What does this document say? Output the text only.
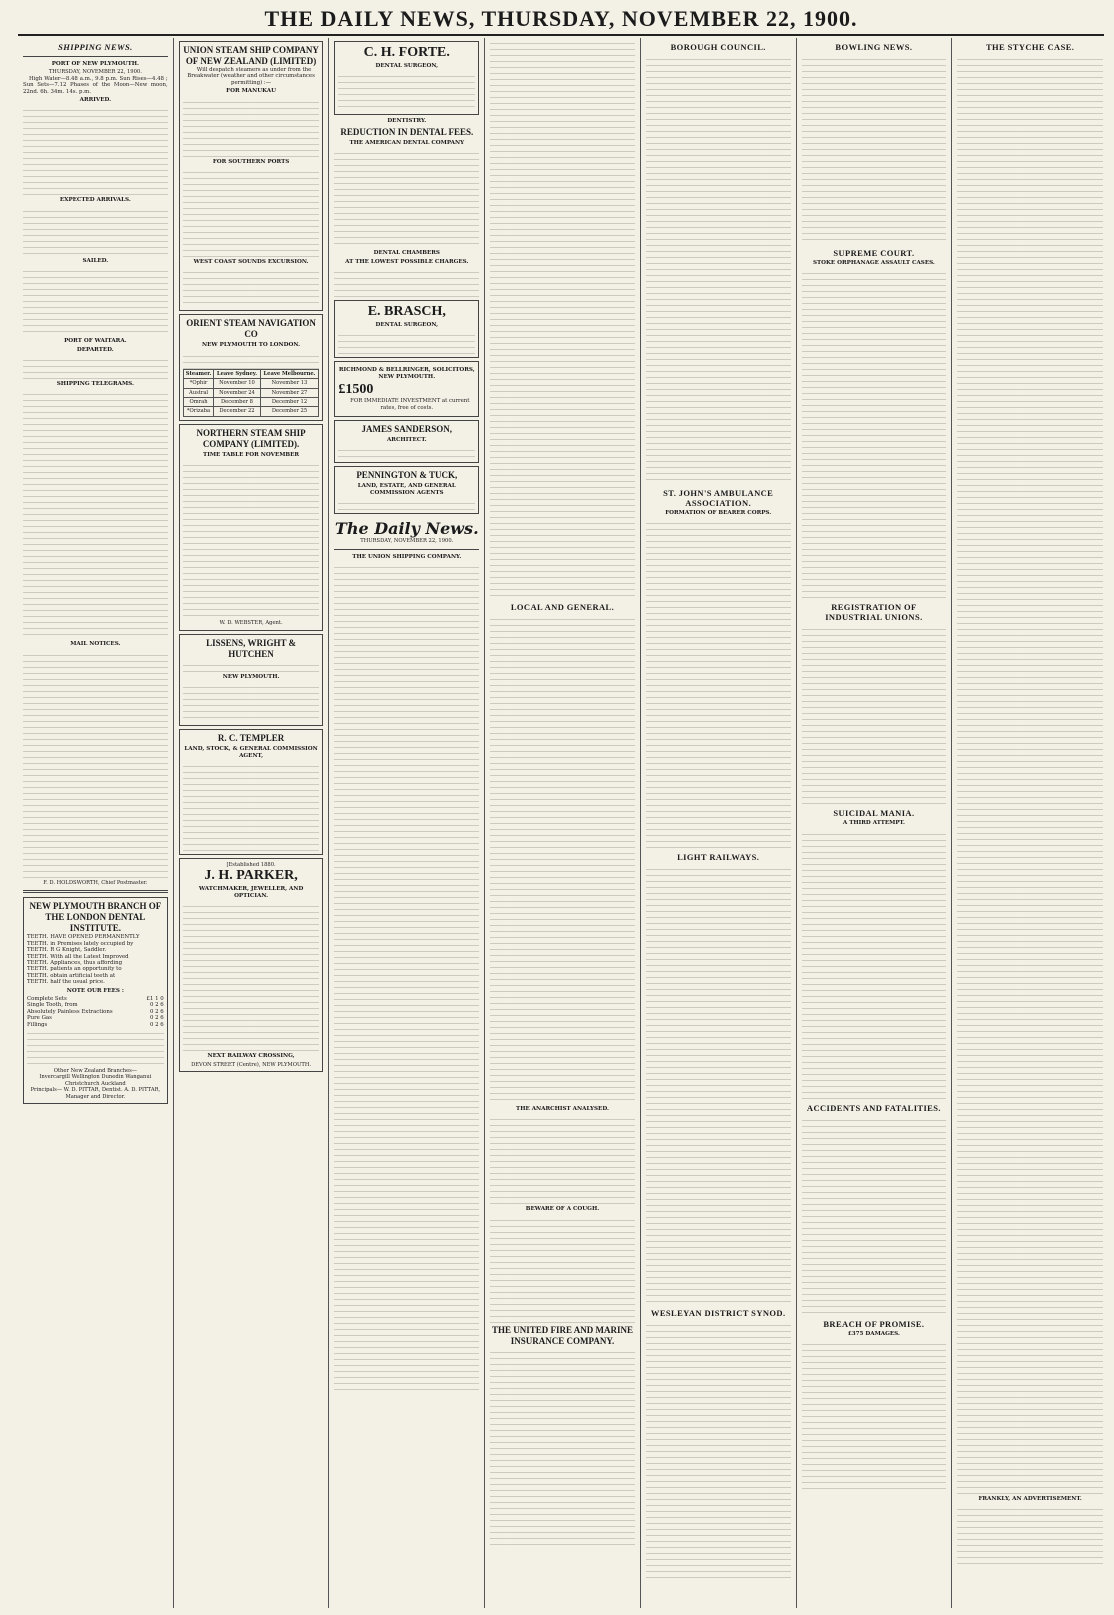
THE DAILY NEWS, THURSDAY, NOVEMBER 22, 1900.
SHIPPING NEWS.
PORT OF NEW PLYMOUTH.
THURSDAY, NOVEMBER 22, 1900.

High Water—8.48 a.m., 9.8 p.m. Sun Rises—4.48 ; Sun Sets—7.12 Phases of the Moon—New moon, 22nd. 6h. 34m. 14s. p.m.

ARRIVED.
EXPECTED ARRIVALS.
SAILED.
PORT OF WAITARA.
DEPARTED.
SHIPPING TELEGRAMS.
MAIL NOTICES.
F. D. HOLDSWORTH, Chief Postmaster.
NEW PLYMOUTH BRANCH OF THE LONDON DENTAL INSTITUTE.
TEETH. HAVE OPENED PERMANENTLY
TEETH. in Premises lately occupied by
TEETH. R G Knight, Saddler.
TEETH. With all the Latest Improved
TEETH. Appliances, thus affording
TEETH. patients an opportunity to
TEETH. obtain artificial teeth at
TEETH. half the usual price.
NOTE OUR FEES :
Complete Sets	£1 1 0
Single Tooth, from	0 2 6
Absolutely Painless Extractions	0 2 6
Pure Gas	0 2 6
Fillings	0 2 6
Other New Zealand Branches—
Invercargill Wellington Dunedin Wanganui Christchurch Auckland
Principals— W. D. PITTAR, Dentist. A. D. PITTAR, Manager and Director.
UNION STEAM SHIP COMPANY OF NEW ZEALAND (LIMITED)

Will despatch steamers as under from the Breakwater (weather and other circumstances permitting) :—

FOR MANUKAU
FOR SOUTHERN PORTS
WEST COAST SOUNDS EXCURSION.
ORIENT STEAM NAVIGATION CO
NEW PLYMOUTH TO LONDON.
Steamer.	Leave Sydney.	Leave Melbourne.
*Ophir	November 10	November 13
Austral	November 24	November 27
Omrah	December 8	December 12
*Orizaba	December 22	December 25
NORTHERN STEAM SHIP COMPANY (LIMITED).
TIME TABLE FOR NOVEMBER
W. D. WEBSTER, Agent.
LISSENS, WRIGHT & HUTCHEN
NEW PLYMOUTH.
R. C. TEMPLER
LAND, STOCK, & GENERAL COMMISSION AGENT,
[Established 1880.
J. H. PARKER,
WATCHMAKER, JEWELLER, AND OPTICIAN.
NEXT RAILWAY CROSSING,
DEVON STREET (Centre), NEW PLYMOUTH.
C. H. FORTE.
DENTAL SURGEON,
DENTISTRY.
REDUCTION IN DENTAL FEES.
THE AMERICAN DENTAL COMPANY
DENTAL CHAMBERS
AT THE LOWEST POSSIBLE CHARGES.
E. BRASCH,
DENTAL SURGEON,
RICHMOND & BELLRINGER, SOLICITORS, NEW PLYMOUTH.
£1500

FOR IMMEDIATE INVESTMENT at current rates, free of costs.

JAMES SANDERSON,
ARCHITECT.
PENNINGTON & TUCK,
LAND, ESTATE, AND GENERAL COMMISSION AGENTS
The Daily News.
THURSDAY, NOVEMBER 22, 1900.
THE UNION SHIPPING COMPANY.
LOCAL AND GENERAL.
THE ANARCHIST ANALYSED.
BEWARE OF A COUGH.
THE UNITED FIRE AND MARINE INSURANCE COMPANY.
BOROUGH COUNCIL.
ST. JOHN'S AMBULANCE ASSOCIATION.
FORMATION OF BEARER CORPS.
LIGHT RAILWAYS.
WESLEYAN DISTRICT SYNOD.
BOWLING NEWS.
SUPREME COURT.
STOKE ORPHANAGE ASSAULT CASES.
REGISTRATION OF INDUSTRIAL UNIONS.
SUICIDAL MANIA.
A THIRD ATTEMPT.
ACCIDENTS AND FATALITIES.
BREACH OF PROMISE.
£375 DAMAGES.
THE STYCHE CASE.
FRANKLY, AN ADVERTISEMENT.
